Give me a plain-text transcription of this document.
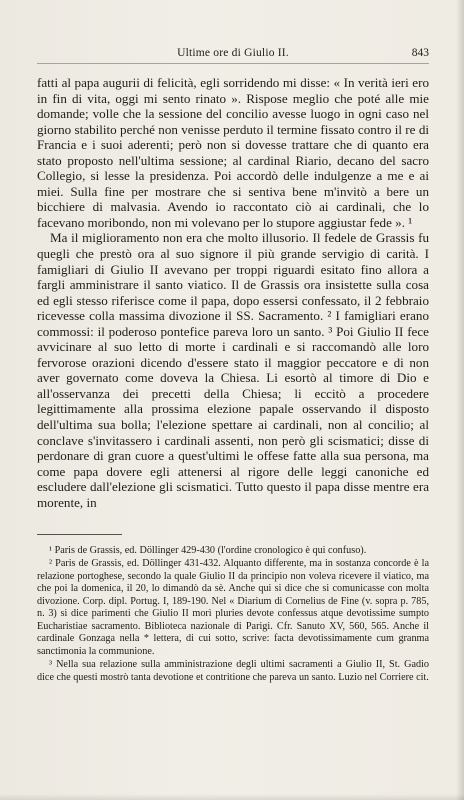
Ultime ore di Giulio II.	843

fatti al papa augurii di felicità, egli sorridendo mi disse: « In verità ieri ero in fin di vita, oggi mi sento rinato ». Rispose meglio che poté alle mie domande; volle che la sessione del concilio avesse luogo in ogni caso nel giorno stabilito perché non venisse perduto il termine fissato contro il re di Francia e i suoi aderenti; però non si dovesse trattare che di quanto era stato proposto nell'ultima sessione; al cardinal Riario, decano del sacro Collegio, si lesse la presidenza. Poi accordò delle indulgenze a me e ai miei. Sulla fine per mostrare che si sentiva bene m'invitò a bere un bicchiere di malvasia. Avendo io raccontato ciò ai cardinali, che lo facevano moribondo, non mi volevano per lo stupore aggiustar fede ». ¹

Ma il miglioramento non era che molto illusorio. Il fedele de Grassis fu quegli che prestò ora al suo signore il più grande servigio di carità. I famigliari di Giulio II avevano per troppi riguardi esitato fino allora a fargli amministrare il santo viatico. Il de Grassis ora insistette sulla cosa ed egli stesso riferisce come il papa, dopo essersi confessato, il 2 febbraio ricevesse colla massima divozione il SS. Sacramento. ² I famigliari erano commossi: il poderoso pontefice pareva loro un santo. ³ Poi Giulio II fece avvicinare al suo letto di morte i cardinali e si raccomandò alle loro fervorose orazioni dicendo d'essere stato il maggior peccatore e di non aver governato come doveva la Chiesa. Li esortò al timore di Dio e all'osservanza dei precetti della Chiesa; li eccitò a procedere legittimamente alla prossima elezione papale osservando il disposto dell'ultima sua bolla; l'elezione spettare ai cardinali, non al concilio; al conclave s'invitassero i cardinali assenti, non però gli scismatici; disse di perdonare di gran cuore a quest'ultimi le offese fatte alla sua persona, ma come papa dovere egli attenersi al rigore delle leggi canoniche ed escludere dall'elezione gli scismatici. Tutto questo il papa disse mentre era morente, in

¹ Paris de Grassis, ed. Döllinger 429-430 (l'ordine cronologico è qui confuso).

² Paris de Grassis, ed. Döllinger 431-432. Alquanto differente, ma in sostanza concorde è la relazione portoghese, secondo la quale Giulio II da principio non voleva ricevere il viatico, ma che poi la domenica, il 20, lo dimandò da sè. Anche qui si dice che si comunicasse con molta divozione. Corp. dipl. Portug. I, 189-190. Nel « Diarium di Cornelius de Fine (v. sopra p. 785, n. 3) si dice parimenti che Giulio II morì pluries devote confessus atque devotissime sumpto Eucharistiae sacramento. Biblioteca nazionale di Parigi. Cfr. Sanuto XV, 560, 565. Anche il cardinale Gonzaga nella * lettera, di cui sotto, scrive: facta devotissimamente cum granma sanctimonia la communione.

³ Nella sua relazione sulla amministrazione degli ultimi sacramenti a Giulio II, St. Gadio dice che questi mostrò tanta devotione et contritione che pareva un santo. Luzio nel Corriere cit.
